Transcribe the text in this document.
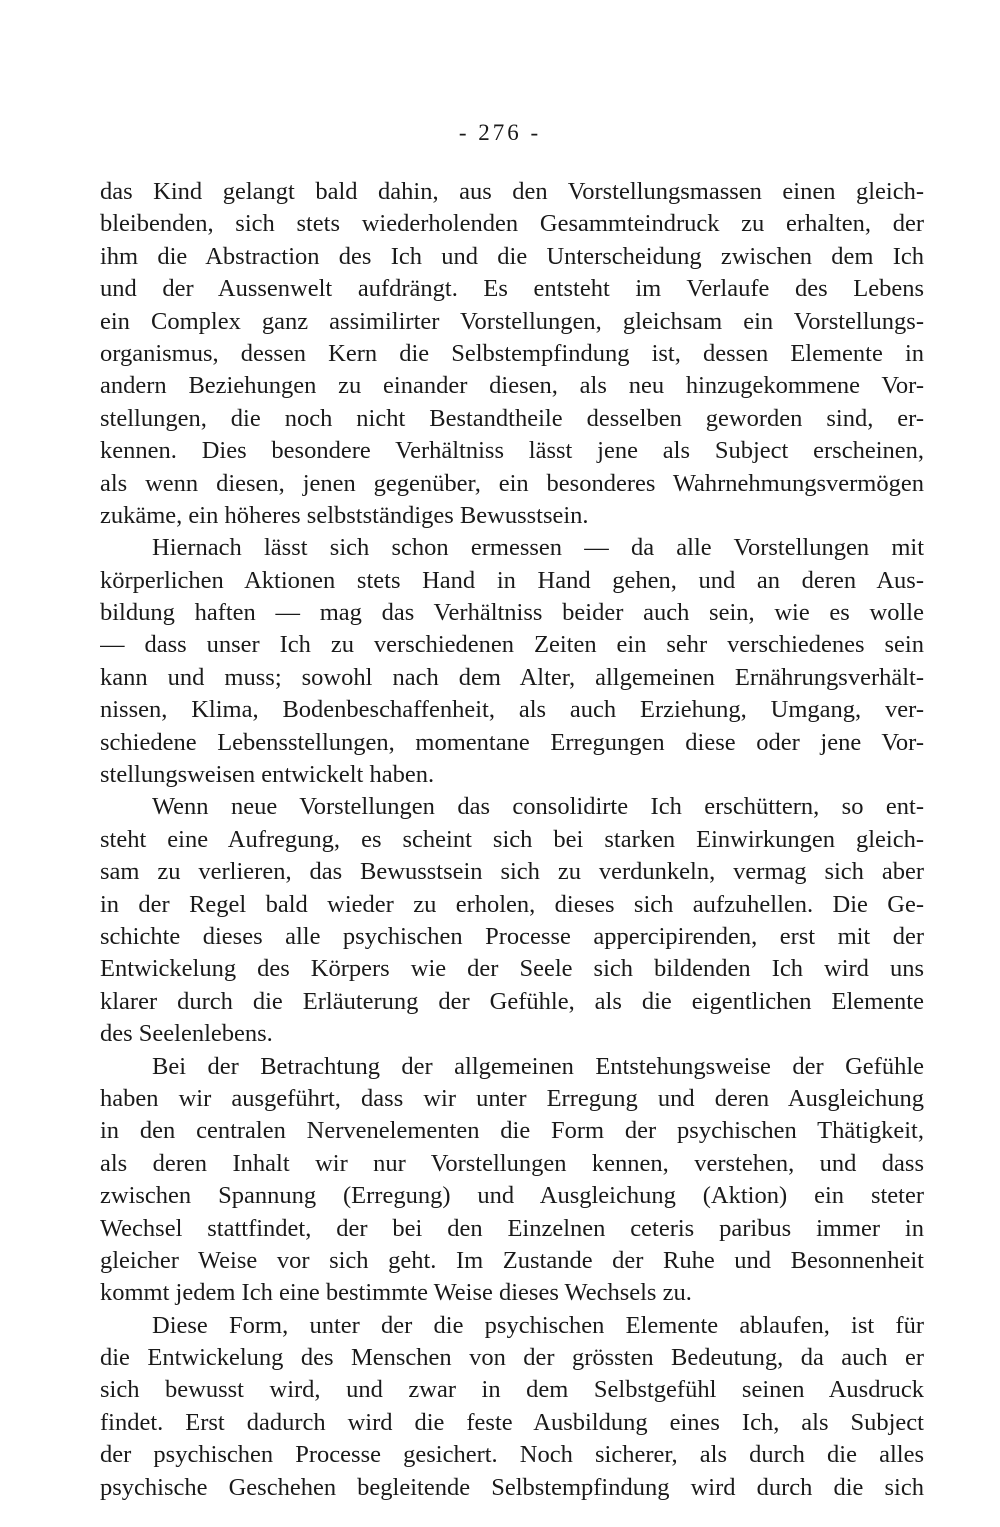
- 276 -
das Kind gelangt bald dahin, aus den Vorstellungsmassen einen gleich-
bleibenden, sich stets wiederholenden Gesammteindruck zu erhalten, der
ihm die Abstraction des Ich und die Unterscheidung zwischen dem Ich
und der Aussenwelt aufdrängt. Es entsteht im Verlaufe des Lebens
ein Complex ganz assimilirter Vorstellungen, gleichsam ein Vorstellungs-
organismus, dessen Kern die Selbstempfindung ist, dessen Elemente in
andern Beziehungen zu einander diesen, als neu hinzugekommene Vor-
stellungen, die noch nicht Bestandtheile desselben geworden sind, er-
kennen. Dies besondere Verhältniss lässt jene als Subject erscheinen,
als wenn diesen, jenen gegenüber, ein besonderes Wahrnehmungsvermögen
zukäme, ein höheres selbstständiges Bewusstsein.
Hiernach lässt sich schon ermessen — da alle Vorstellungen mit
körperlichen Aktionen stets Hand in Hand gehen, und an deren Aus-
bildung haften — mag das Verhältniss beider auch sein, wie es wolle
— dass unser Ich zu verschiedenen Zeiten ein sehr verschiedenes sein
kann und muss; sowohl nach dem Alter, allgemeinen Ernährungsverhält-
nissen, Klima, Bodenbeschaffenheit, als auch Erziehung, Umgang, ver-
schiedene Lebensstellungen, momentane Erregungen diese oder jene Vor-
stellungsweisen entwickelt haben.
Wenn neue Vorstellungen das consolidirte Ich erschüttern, so ent-
steht eine Aufregung, es scheint sich bei starken Einwirkungen gleich-
sam zu verlieren, das Bewusstsein sich zu verdunkeln, vermag sich aber
in der Regel bald wieder zu erholen, dieses sich aufzuhellen. Die Ge-
schichte dieses alle psychischen Processe appercipirenden, erst mit der
Entwickelung des Körpers wie der Seele sich bildenden Ich wird uns
klarer durch die Erläuterung der Gefühle, als die eigentlichen Elemente
des Seelenlebens.
Bei der Betrachtung der allgemeinen Entstehungsweise der Gefühle
haben wir ausgeführt, dass wir unter Erregung und deren Ausgleichung
in den centralen Nervenelementen die Form der psychischen Thätigkeit,
als deren Inhalt wir nur Vorstellungen kennen, verstehen, und dass
zwischen Spannung (Erregung) und Ausgleichung (Aktion) ein steter
Wechsel stattfindet, der bei den Einzelnen ceteris paribus immer in
gleicher Weise vor sich geht. Im Zustande der Ruhe und Besonnenheit
kommt jedem Ich eine bestimmte Weise dieses Wechsels zu.
Diese Form, unter der die psychischen Elemente ablaufen, ist für
die Entwickelung des Menschen von der grössten Bedeutung, da auch er
sich bewusst wird, und zwar in dem Selbstgefühl seinen Ausdruck
findet. Erst dadurch wird die feste Ausbildung eines Ich, als Subject
der psychischen Processe gesichert. Noch sicherer, als durch die alles
psychische Geschehen begleitende Selbstempfindung wird durch die sich
